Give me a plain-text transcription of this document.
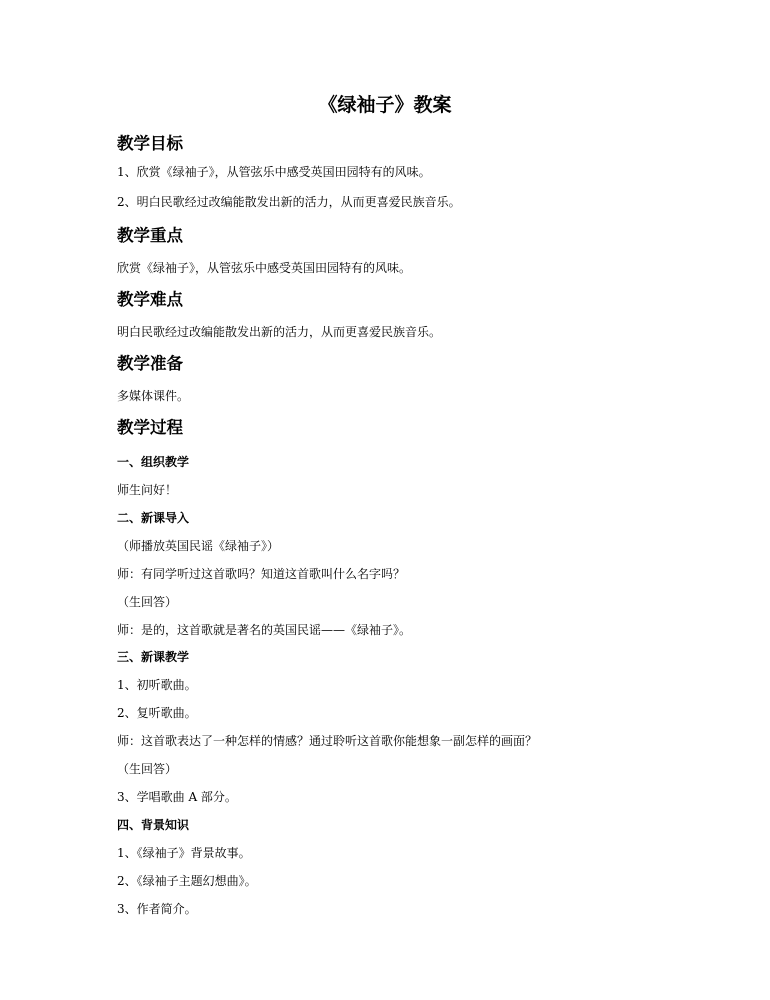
《绿袖子》教案
教学目标

1、欣赏《绿袖子》，从管弦乐中感受英国田园特有的风味。

2、明白民歌经过改编能散发出新的活力，从而更喜爱民族音乐。

教学重点

欣赏《绿袖子》，从管弦乐中感受英国田园特有的风味。

教学难点

明白民歌经过改编能散发出新的活力，从而更喜爱民族音乐。

教学准备

多媒体课件。

教学过程
一、组织教学

师生问好！

二、新课导入

（师播放英国民谣《绿袖子》）

师：有同学听过这首歌吗？知道这首歌叫什么名字吗？

（生回答）

师：是的，这首歌就是著名的英国民谣——《绿袖子》。

三、新课教学

1、初听歌曲。

2、复听歌曲。

师：这首歌表达了一种怎样的情感？通过聆听这首歌你能想象一副怎样的画面？

（生回答）

3、学唱歌曲 A 部分。

四、背景知识

1、《绿袖子》背景故事。

2、《绿袖子主题幻想曲》。

3、作者简介。
